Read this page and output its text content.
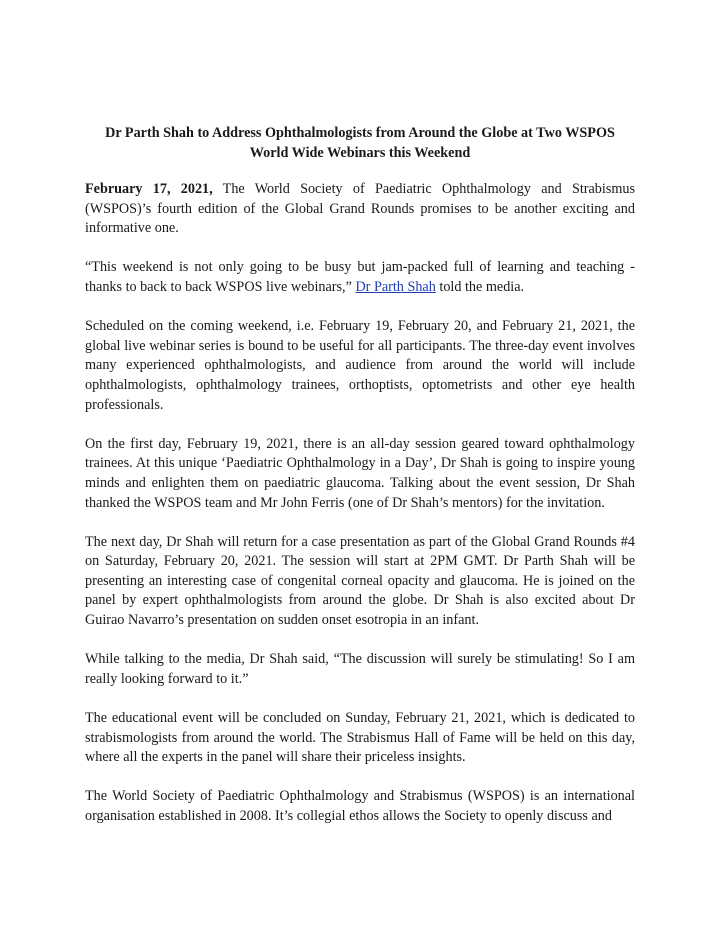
Dr Parth Shah to Address Ophthalmologists from Around the Globe at Two WSPOS World Wide Webinars this Weekend

February 17, 2021, The World Society of Paediatric Ophthalmology and Strabismus (WSPOS)’s fourth edition of the Global Grand Rounds promises to be another exciting and informative one.

“This weekend is not only going to be busy but jam-packed full of learning and teaching - thanks to back to back WSPOS live webinars,” Dr Parth Shah told the media.

Scheduled on the coming weekend, i.e. February 19, February 20, and February 21, 2021, the global live webinar series is bound to be useful for all participants. The three-day event involves many experienced ophthalmologists, and audience from around the world will include ophthalmologists, ophthalmology trainees, orthoptists, optometrists and other eye health professionals.

On the first day, February 19, 2021, there is an all-day session geared toward ophthalmology trainees. At this unique ‘Paediatric Ophthalmology in a Day’, Dr Shah is going to inspire young minds and enlighten them on paediatric glaucoma. Talking about the event session, Dr Shah thanked the WSPOS team and Mr John Ferris (one of Dr Shah’s mentors) for the invitation.

The next day, Dr Shah will return for a case presentation as part of the Global Grand Rounds #4 on Saturday, February 20, 2021. The session will start at 2PM GMT. Dr Parth Shah will be presenting an interesting case of congenital corneal opacity and glaucoma. He is joined on the panel by expert ophthalmologists from around the globe. Dr Shah is also excited about Dr Guirao Navarro’s presentation on sudden onset esotropia in an infant.

While talking to the media, Dr Shah said, “The discussion will surely be stimulating! So I am really looking forward to it.”

The educational event will be concluded on Sunday, February 21, 2021, which is dedicated to strabismologists from around the world. The Strabismus Hall of Fame will be held on this day, where all the experts in the panel will share their priceless insights.

The World Society of Paediatric Ophthalmology and Strabismus (WSPOS) is an international organisation established in 2008. It’s collegial ethos allows the Society to openly discuss and
